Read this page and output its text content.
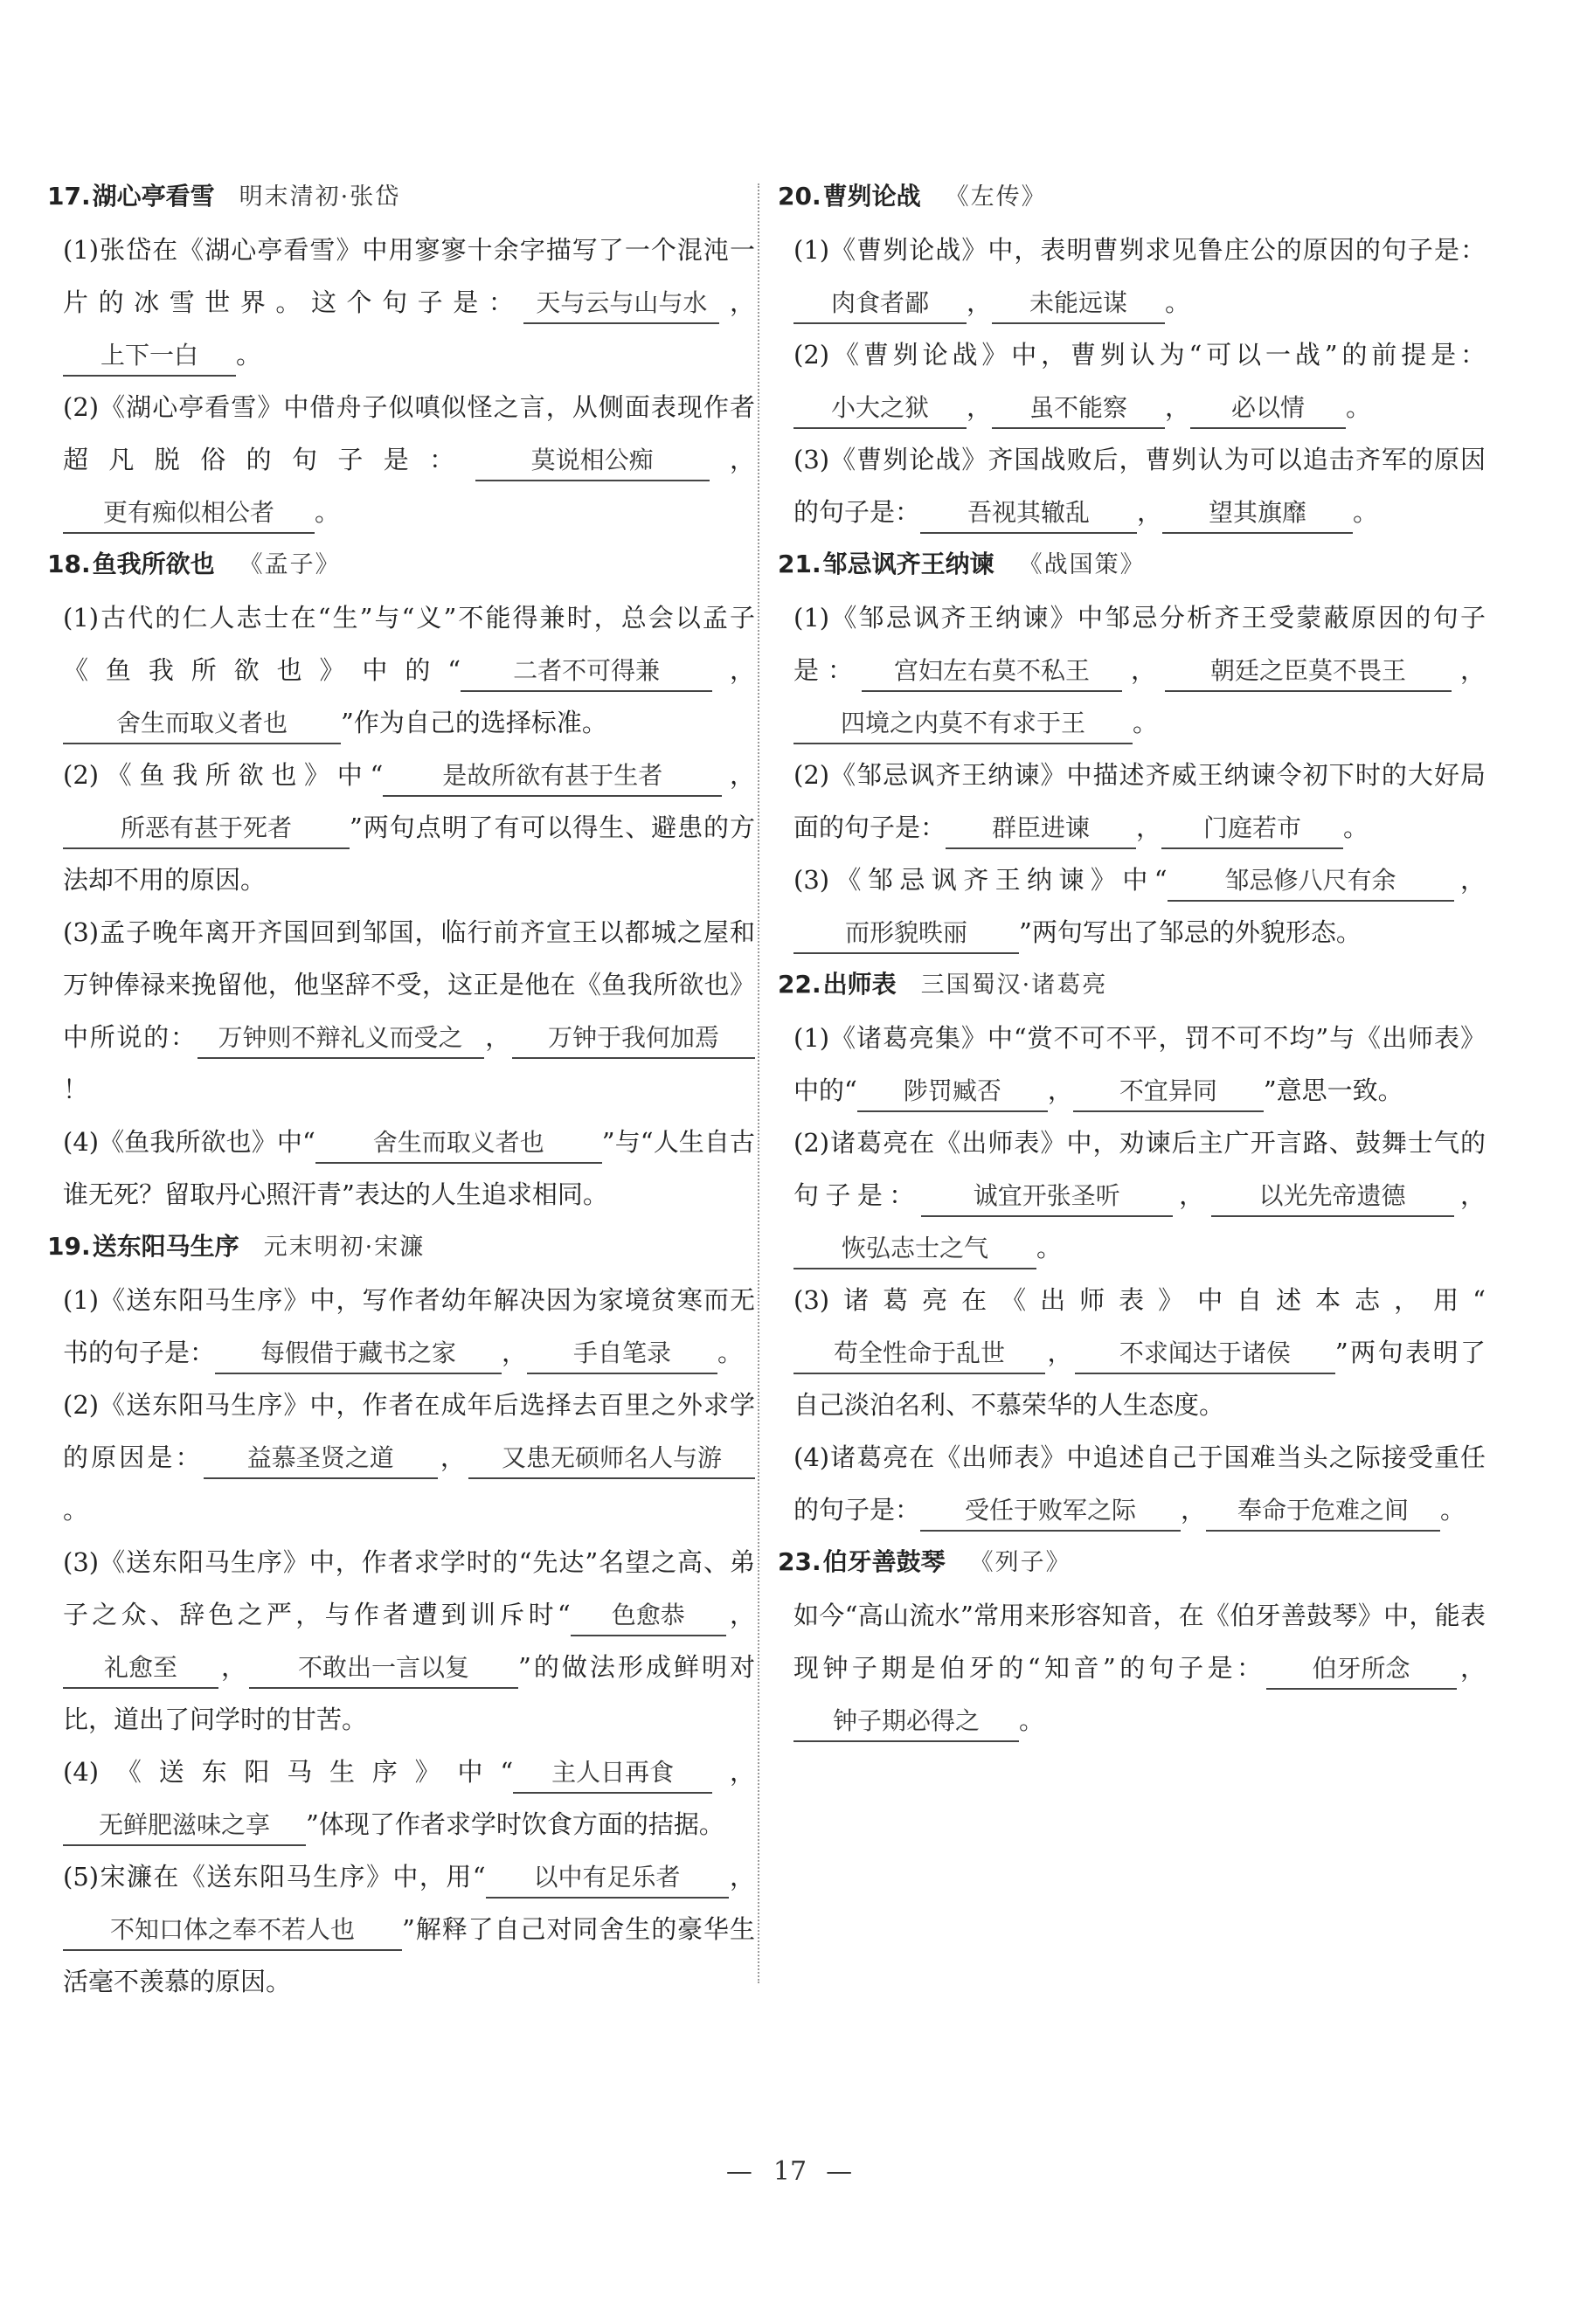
17.湖心亭看雪 明末清初·张岱
(1)张岱在《湖心亭看雪》中用寥寥十余字描写了一个混沌一片的冰雪世界。这个句子是： 天与云与山与水 ，上下一白 。
(2)《湖心亭看雪》中借舟子似嗔似怪之言，从侧面表现作者超凡脱俗的句子是： 莫说相公痴 ，更有痴似相公者 。
18.鱼我所欲也 《孟子》
(1)古代的仁人志士在“生”与“义”不能得兼时，总会以孟子《鱼我所欲也》中的“ 二者不可得兼 ，舍生而取义者也 ”作为自己的选择标准。
(2)《鱼我所欲也》中“ 是故所欲有甚于生者 ，所恶有甚于死者 ”两句点明了有可以得生、避患的方法却不用的原因。
(3)孟子晚年离开齐国回到邹国，临行前齐宣王以都城之屋和万钟俸禄来挽留他，他坚辞不受，这正是他在《鱼我所欲也》中所说的： 万钟则不辩礼义而受之 ， 万钟于我何加焉！
(4)《鱼我所欲也》中“ 舍生而取义者也 ”与“人生自古谁无死？留取丹心照汗青”表达的人生追求相同。
19.送东阳马生序 元末明初·宋濂
(1)《送东阳马生序》中，写作者幼年解决因为家境贫寒而无书的句子是： 每假借于藏书之家 ， 手自笔录 。
(2)《送东阳马生序》中，作者在成年后选择去百里之外求学的原因是： 益慕圣贤之道 ， 又患无硕师名人与游。
(3)《送东阳马生序》中，作者求学时的“先达”名望之高、弟子之众、辞色之严，与作者遭到训斥时“ 色愈恭 ，礼愈至 ， 不敢出一言以复 ”的做法形成鲜明对比，道出了问学时的甘苦。
(4)《送东阳马生序》中“ 主人日再食 ，无鲜肥滋味之享 ”体现了作者求学时饮食方面的拮据。
(5)宋濂在《送东阳马生序》中，用“ 以中有足乐者 ，不知口体之奉不若人也 ”解释了自己对同舍生的豪华生活毫不羡慕的原因。
20.曹刿论战 《左传》
(1)《曹刿论战》中，表明曹刿求见鲁庄公的原因的句子是：肉食者鄙 ， 未能远谋 。
(2)《曹刿论战》中，曹刿认为“可以一战”的前提是：小大之狱 ， 虽不能察 ， 必以情 。
(3)《曹刿论战》齐国战败后，曹刿认为可以追击齐军的原因的句子是： 吾视其辙乱 ， 望其旗靡 。
21.邹忌讽齐王纳谏 《战国策》
(1)《邹忌讽齐王纳谏》中邹忌分析齐王受蒙蔽原因的句子是： 宫妇左右莫不私王 ， 朝廷之臣莫不畏王 ，四境之内莫不有求于王 。
(2)《邹忌讽齐王纳谏》中描述齐威王纳谏令初下时的大好局面的句子是： 群臣进谏 ， 门庭若市 。
(3)《邹忌讽齐王纳谏》中“ 邹忌修八尺有余 ，而形貌昳丽 ”两句写出了邹忌的外貌形态。
22.出师表 三国蜀汉·诸葛亮
(1)《诸葛亮集》中“赏不可不平，罚不可不均”与《出师表》中的“ 陟罚臧否 ， 不宜异同 ”意思一致。
(2)诸葛亮在《出师表》中，劝谏后主广开言路、鼓舞士气的句子是： 诚宜开张圣听 ， 以光先帝遗德 ，恢弘志士之气 。
(3)诸葛亮在《出师表》中自述本志，用“苟全性命于乱世 ， 不求闻达于诸侯 ”两句表明了自己淡泊名利、不慕荣华的人生态度。
(4)诸葛亮在《出师表》中追述自己于国难当头之际接受重任的句子是： 受任于败军之际 ， 奉命于危难之间 。
23.伯牙善鼓琴 《列子》
如今“高山流水”常用来形容知音，在《伯牙善鼓琴》中，能表现钟子期是伯牙的“知音”的句子是： 伯牙所念 ，钟子期必得之 。
— 17 —
